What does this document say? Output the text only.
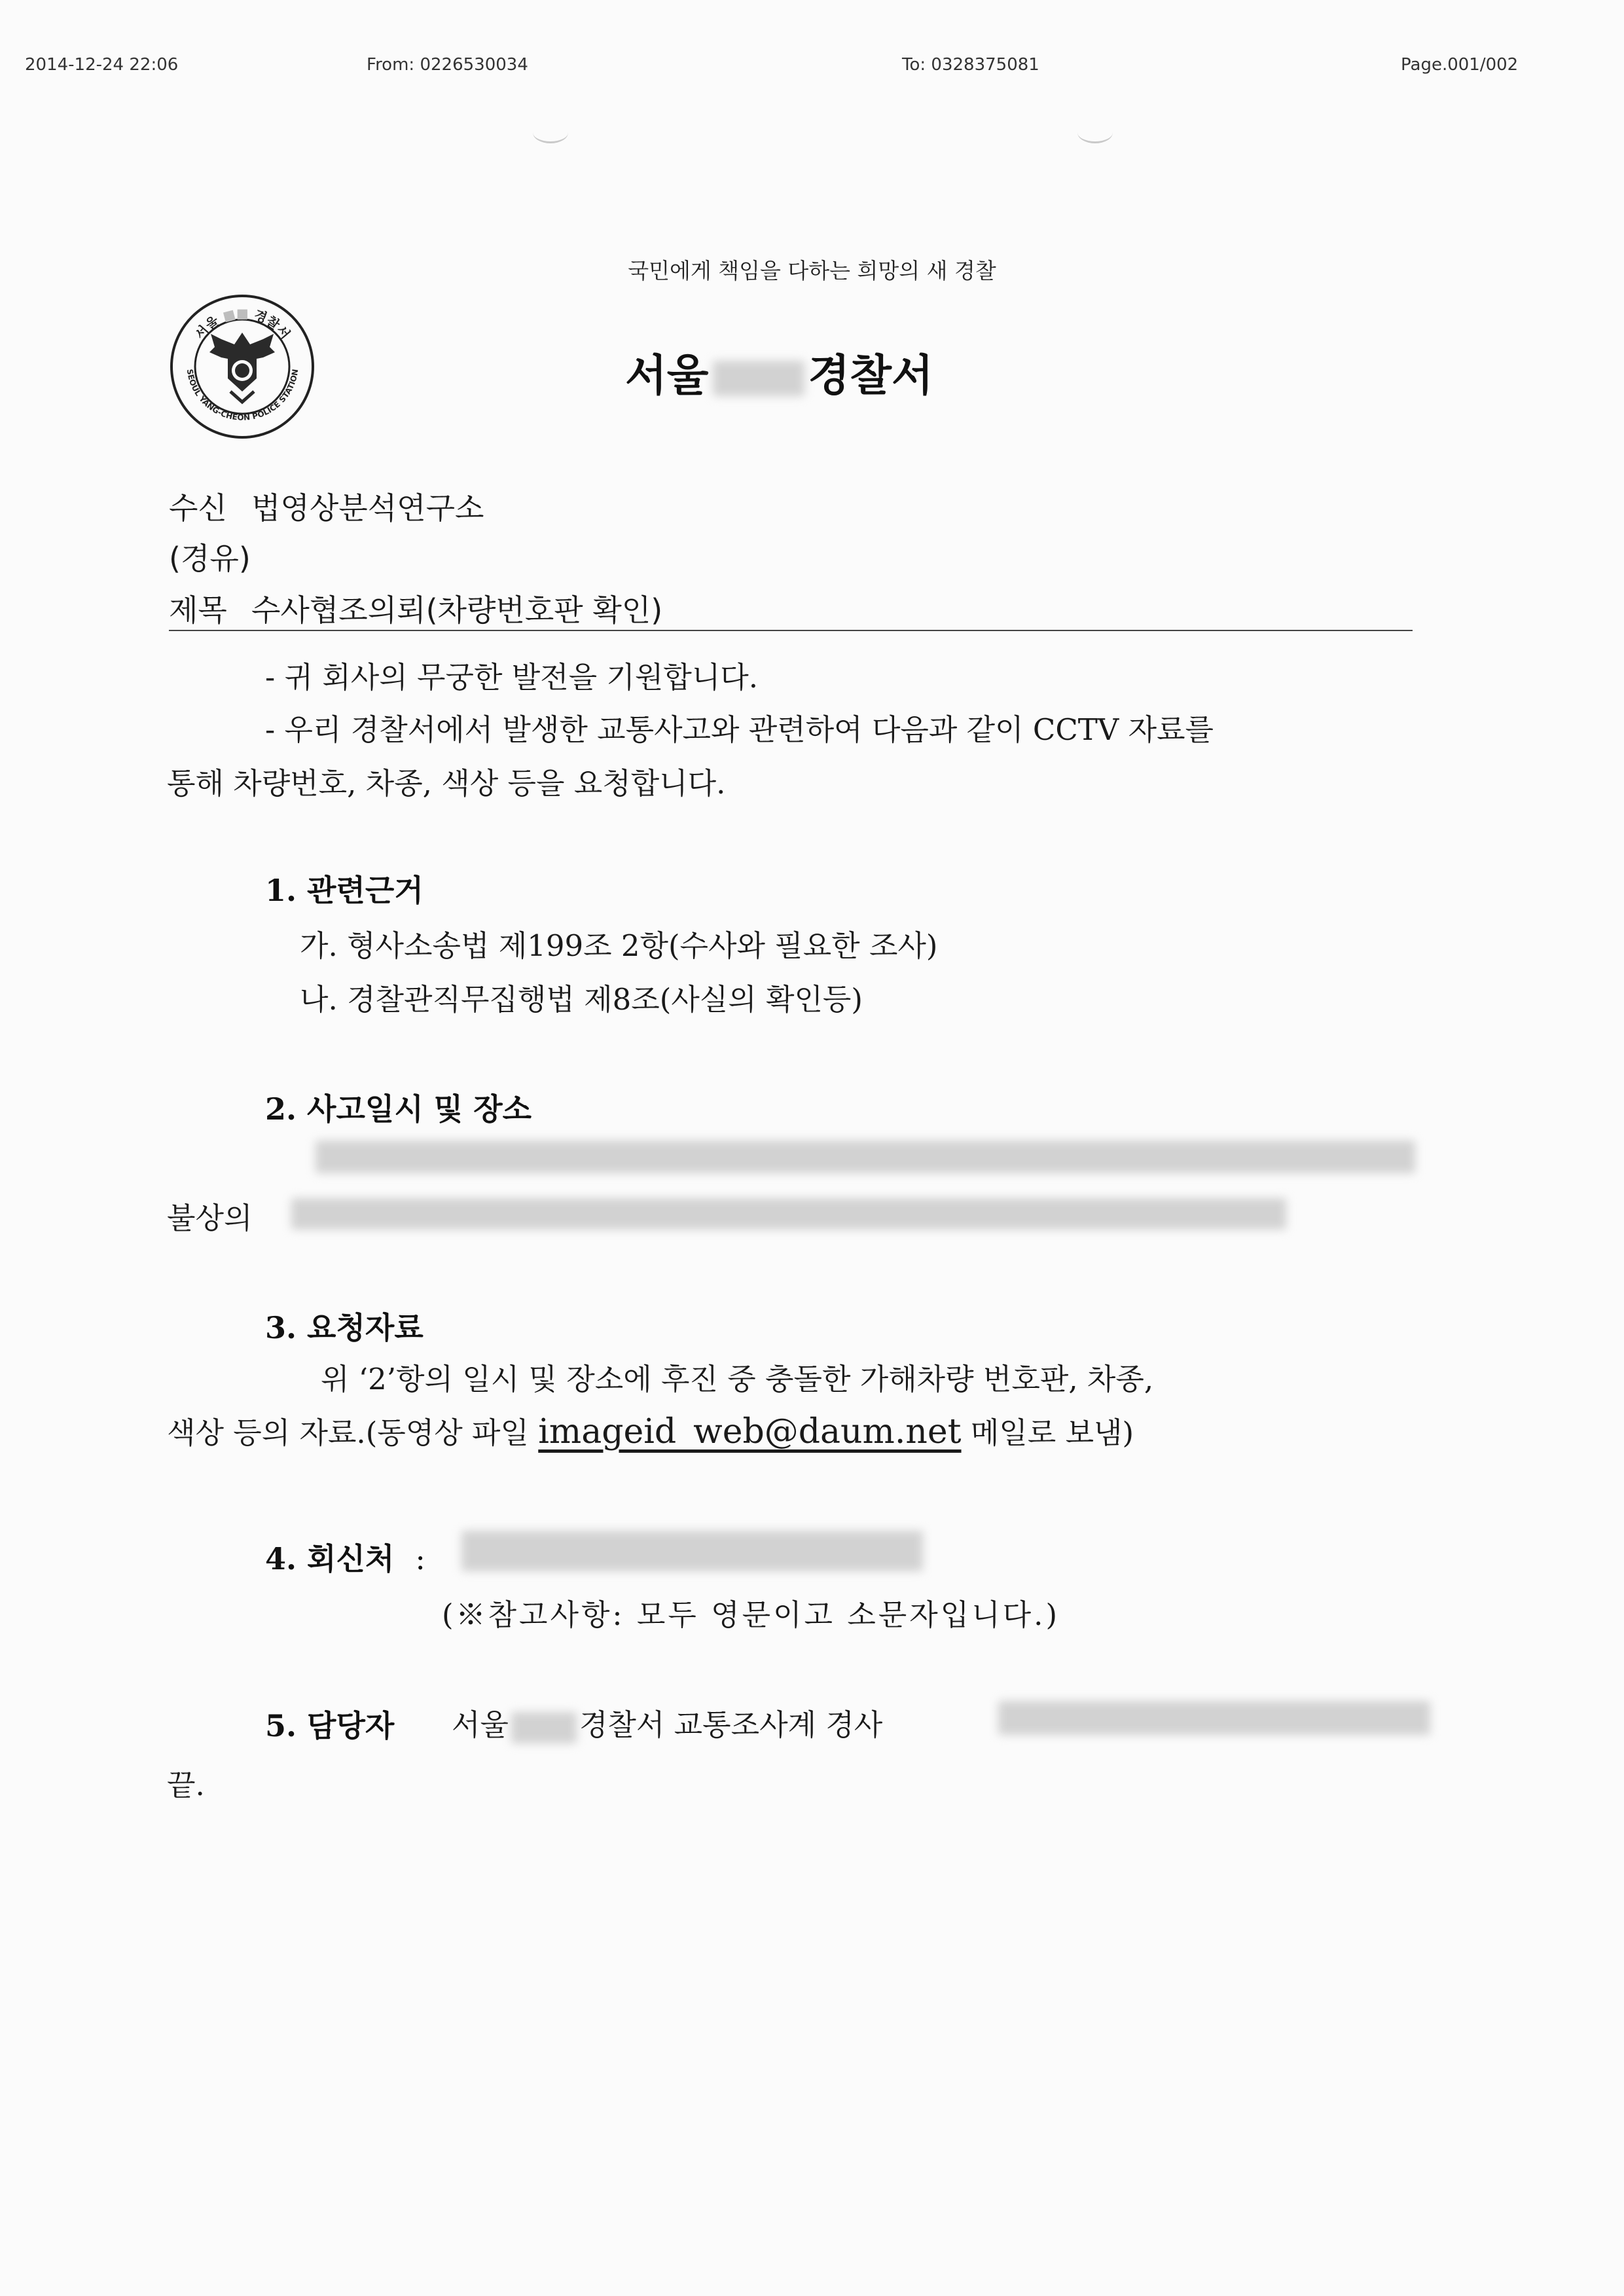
2014-12-24 22:06	From: 0226530034	To: 0328375081	Page.001/002
국민에게 책임을 다하는 희망의 새 경찰
서울 ■■ 경찰서
SEOUL YANG-CHEON POLICE STATION	서울 경찰서
수신 법영상분석연구소
(경유)
제목 수사협조의뢰(차량번호판 확인)
- 귀 회사의 무궁한 발전을 기원합니다.
- 우리 경찰서에서 발생한 교통사고와 관련하여 다음과 같이 CCTV 자료를
통해 차량번호, 차종, 색상 등을 요청합니다.
1. 관련근거
가. 형사소송법 제199조 2항(수사와 필요한 조사)
나. 경찰관직무집행법 제8조(사실의 확인등)
2. 사고일시 및 장소
불상의
3. 요청자료
위 ‘2’항의 일시 및 장소에 후진 중 충돌한 가해차량 번호판, 차종,
색상 등의 자료.(동영상 파일 imageid_web@daum.net 메일로 보냄)
4. 회신처 :
(※참고사항: 모두 영문이고 소문자입니다.)
5. 담당자 서울 경찰서 교통조사계 경사
끝.
